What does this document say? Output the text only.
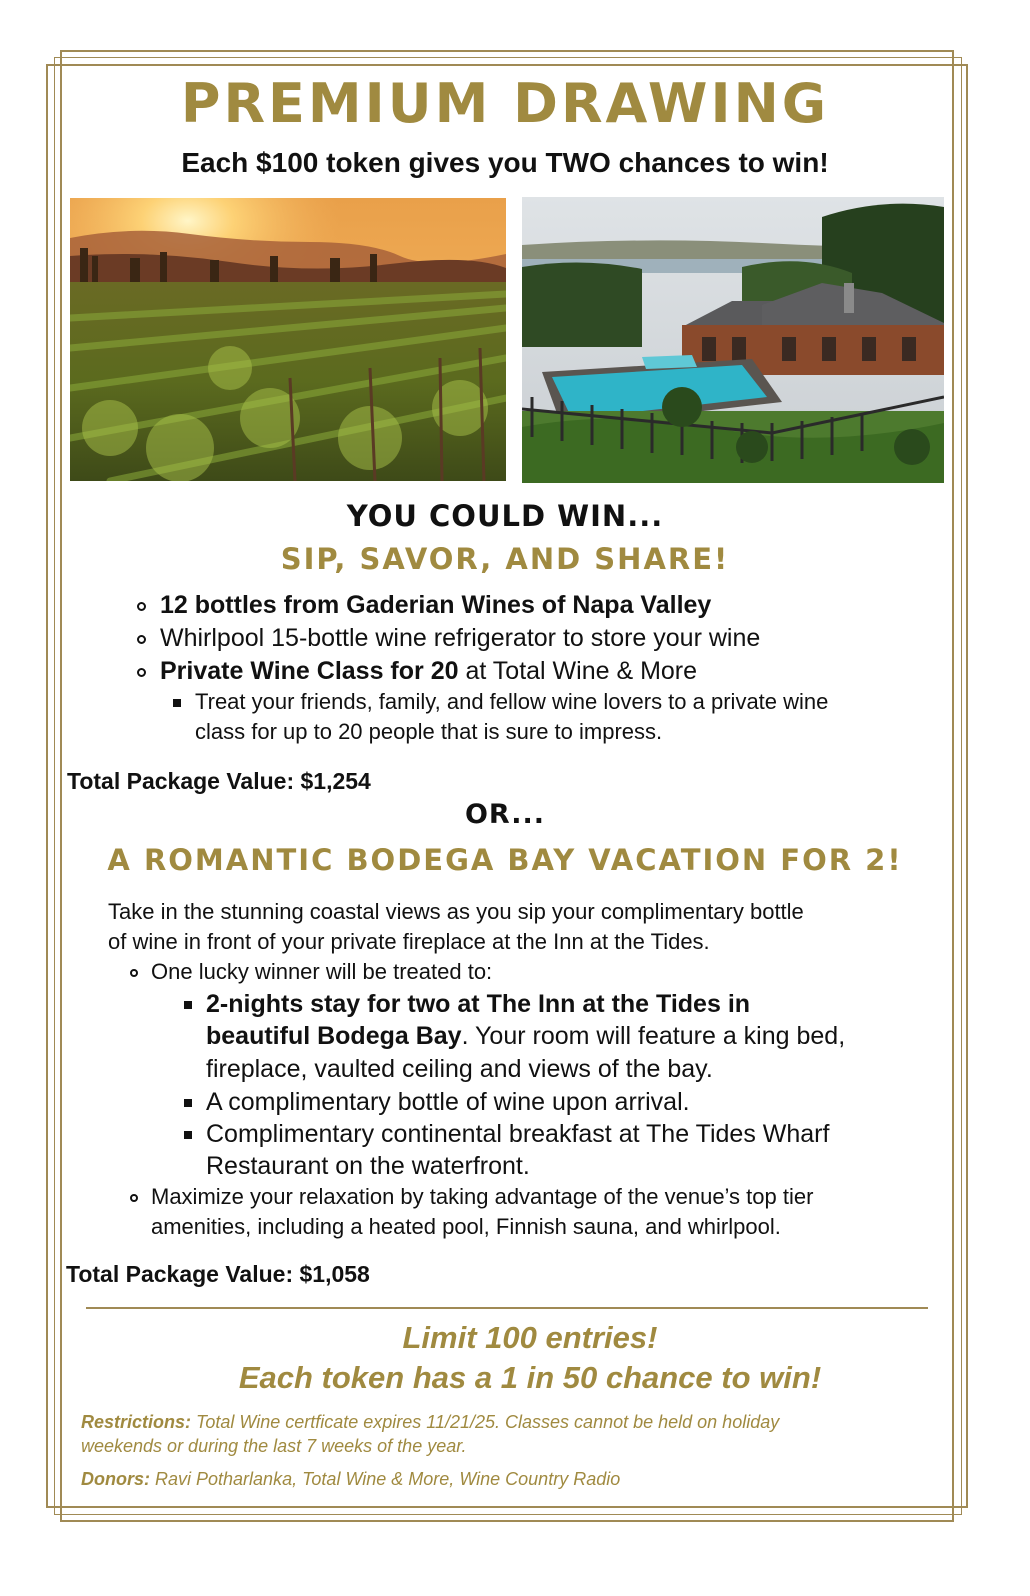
PREMIUM DRAWING
Each $100 token gives you TWO chances to win!
YOU COULD WIN...
SIP, SAVOR, AND SHARE!
12 bottles from Gaderian Wines of Napa Valley
Whirlpool 15-bottle wine refrigerator to store your wine
Private Wine Class for 20 at Total Wine & More
Treat your friends, family, and fellow wine lovers to a private wine
class for up to 20 people that is sure to impress.
Total Package Value: $1,254
OR...
A ROMANTIC BODEGA BAY VACATION FOR 2!
Take in the stunning coastal views as you sip your complimentary bottle
of wine in front of your private fireplace at the Inn at the Tides.
One lucky winner will be treated to:
2-nights stay for two at The Inn at the Tides in
beautiful Bodega Bay. Your room will feature a king bed,
fireplace, vaulted ceiling and views of the bay.
A complimentary bottle of wine upon arrival.
Complimentary continental breakfast at The Tides Wharf
Restaurant on the waterfront.
Maximize your relaxation by taking advantage of the venue’s top tier
amenities, including a heated pool, Finnish sauna, and whirlpool.
Total Package Value: $1,058
Limit 100 entries!
Each token has a 1 in 50 chance to win!
Restrictions: Total Wine certficate expires 11/21/25. Classes cannot be held on holiday
weekends or during the last 7 weeks of the year.
Donors: Ravi Potharlanka, Total Wine & More, Wine Country Radio
